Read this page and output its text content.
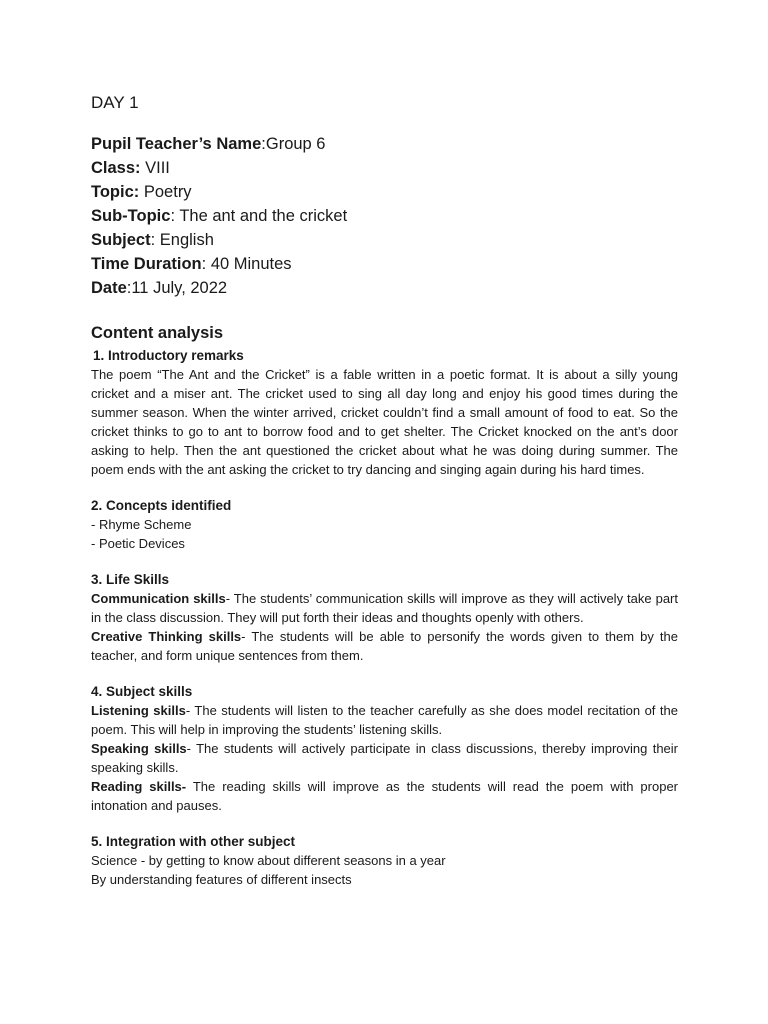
DAY 1

Pupil Teacher’s Name:Group 6

Class: VIII

Topic: Poetry

Sub-Topic: The ant and the cricket

Subject: English

Time Duration: 40 Minutes

Date:11 July, 2022

Content analysis
1. Introductory remarks

The poem “The Ant and the Cricket” is a fable written in a poetic format. It is about a silly young cricket and a miser ant. The cricket used to sing all day long and enjoy his good times during the summer season. When the winter arrived, cricket couldn’t find a small amount of food to eat. So the cricket thinks to go to ant to borrow food and to get shelter. The Cricket knocked on the ant’s door asking to help. Then the ant questioned the cricket about what he was doing during summer. The poem ends with the ant asking the cricket to try dancing and singing again during his hard times.

2. Concepts identified

- Rhyme Scheme

- Poetic Devices

3. Life Skills

Communication skills- The students’ communication skills will improve as they will actively take part in the class discussion. They will put forth their ideas and thoughts openly with others.

Creative Thinking skills- The students will be able to personify the words given to them by the teacher, and form unique sentences from them.

4. Subject skills

Listening skills- The students will listen to the teacher carefully as she does model recitation of the poem. This will help in improving the students’ listening skills.

Speaking skills- The students will actively participate in class discussions, thereby improving their speaking skills.

Reading skills- The reading skills will improve as the students will read the poem with proper intonation and pauses.

5. Integration with other subject

Science - by getting to know about different seasons in a year

By understanding features of different insects
